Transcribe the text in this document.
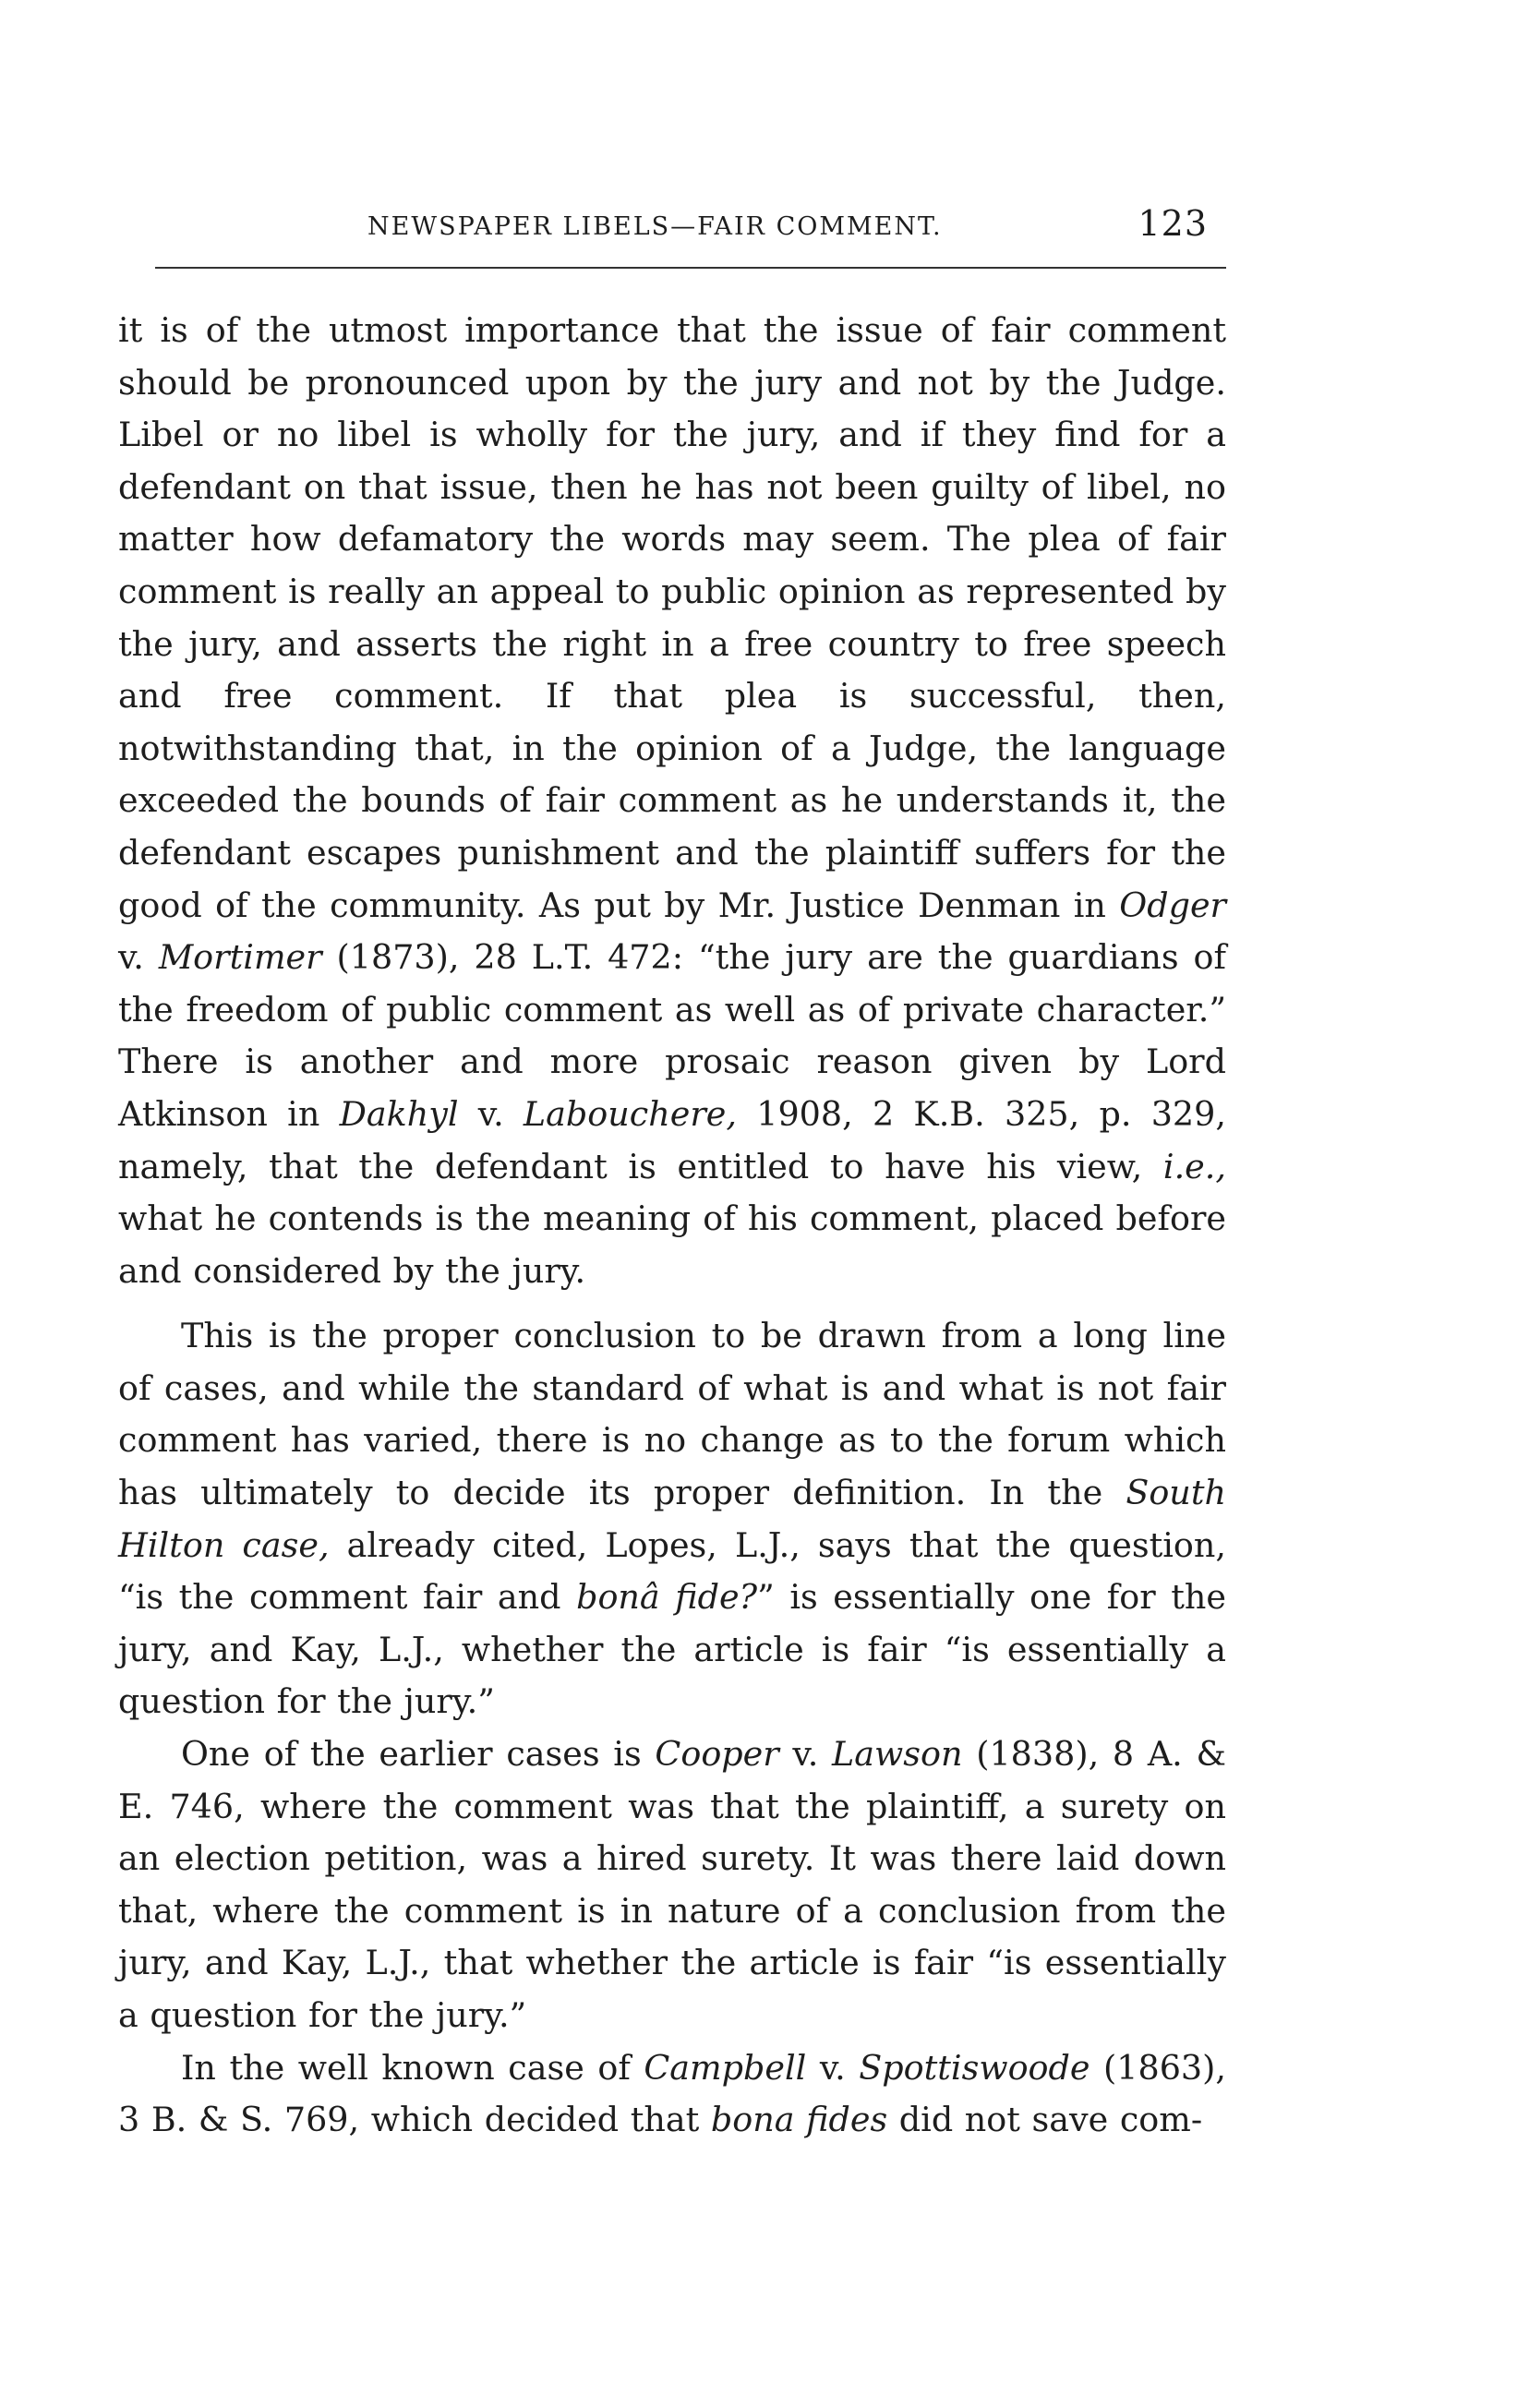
NEWSPAPER LIBELS—FAIR COMMENT.	123

it is of the utmost importance that the issue of fair comment should be pronounced upon by the jury and not by the Judge. Libel or no libel is wholly for the jury, and if they find for a defendant on that issue, then he has not been guilty of libel, no matter how defamatory the words may seem. The plea of fair comment is really an appeal to public opinion as represented by the jury, and asserts the right in a free country to free speech and free comment. If that plea is successful, then, notwithstanding that, in the opinion of a Judge, the language exceeded the bounds of fair comment as he understands it, the defendant escapes punishment and the plaintiff suffers for the good of the community. As put by Mr. Justice Denman in Odger v. Mortimer (1873), 28 L.T. 472: “the jury are the guardians of the freedom of public comment as well as of private character.” There is another and more prosaic reason given by Lord Atkinson in Dakhyl v. Labouchere, 1908, 2 K.B. 325, p. 329, namely, that the defendant is entitled to have his view, i.e., what he contends is the meaning of his comment, placed before and considered by the jury.

This is the proper conclusion to be drawn from a long line of cases, and while the standard of what is and what is not fair comment has varied, there is no change as to the forum which has ultimately to decide its proper definition. In the South Hilton case, already cited, Lopes, L.J., says that the question, “is the comment fair and bonâ fide?” is essentially one for the jury, and Kay, L.J., whether the article is fair “is essentially a question for the jury.”

One of the earlier cases is Cooper v. Lawson (1838), 8 A. & E. 746, where the comment was that the plaintiff, a surety on an election petition, was a hired surety. It was there laid down that, where the comment is in nature of a conclusion from the jury, and Kay, L.J., that whether the article is fair “is essentially a question for the jury.”

In the well known case of Campbell v. Spottiswoode (1863), 3 B. & S. 769, which decided that bona fides did not save com-
